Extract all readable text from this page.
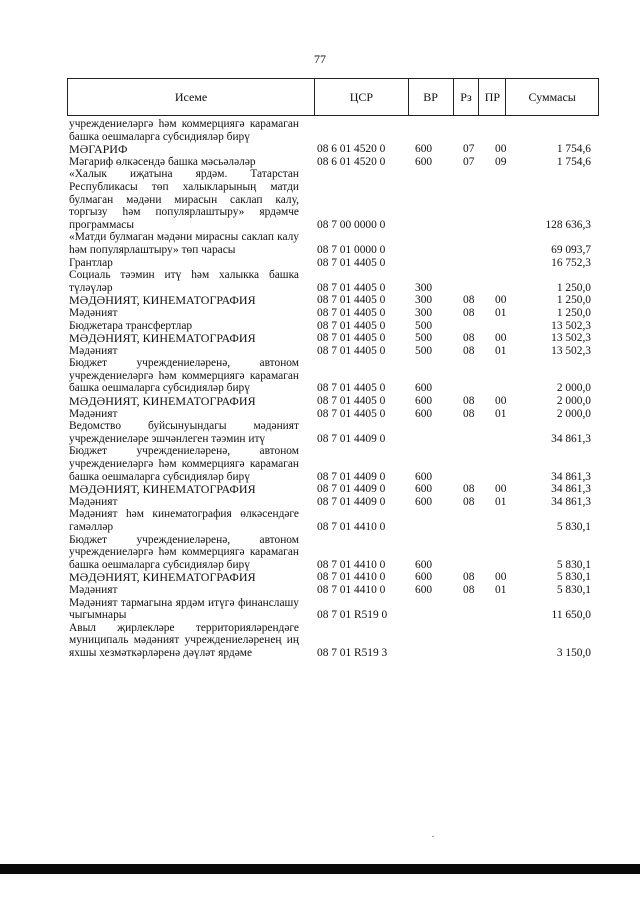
77
Исеме	ЦСР	ВР	Рз	ПР	Суммасы
учреждениеләргә һәм коммерциягә карамаган башка оешмаларга субсидияләр бирү
МӘГАРИФ	08 6 01 4520 0	600	07	00	1 754,6
Мәгариф өлкәсендә башка мәсьәләләр	08 6 01 4520 0	600	07	09	1 754,6
«Халык иҗатына ярдәм. Татарстан Республикасы төп халыкларының матди булмаган мәдәни мирасын саклап калу, торгызу һәм популярлаштыру» ярдәмче программасы	08 7 00 0000 0	128 636,3
«Матди булмаган мәдәни мирасны саклап калу һәм популярлаштыру» төп чарасы	08 7 01 0000 0	69 093,7
Грантлар	08 7 01 4405 0	16 752,3
Социаль тәэмин итү һәм халыкка башка түләүләр	08 7 01 4405 0	300	1 250,0
МӘДӘНИЯТ, КИНЕМАТОГРАФИЯ	08 7 01 4405 0	300	08	00	1 250,0
Мәдәният	08 7 01 4405 0	300	08	01	1 250,0
Бюджетара трансфертлар	08 7 01 4405 0	500	13 502,3
МӘДӘНИЯТ, КИНЕМАТОГРАФИЯ	08 7 01 4405 0	500	08	00	13 502,3
Мәдәният	08 7 01 4405 0	500	08	01	13 502,3
Бюджет учреждениеләренә, автоном учреждениеләргә һәм коммерциягә карамаган башка оешмаларга субсидияләр бирү	08 7 01 4405 0	600	2 000,0
МӘДӘНИЯТ, КИНЕМАТОГРАФИЯ	08 7 01 4405 0	600	08	00	2 000,0
Мәдәният	08 7 01 4405 0	600	08	01	2 000,0
Ведомство буйсынуындагы мәдәният учреждениеләре эшчәнлеген тәэмин итү	08 7 01 4409 0	34 861,3
Бюджет учреждениеләренә, автоном учреждениеләргә һәм коммерциягә карамаган башка оешмаларга субсидияләр бирү	08 7 01 4409 0	600	34 861,3
МӘДӘНИЯТ, КИНЕМАТОГРАФИЯ	08 7 01 4409 0	600	08	00	34 861,3
Мәдәният	08 7 01 4409 0	600	08	01	34 861,3
Мәдәният һәм кинематография өлкәсендәге гамәлләр	08 7 01 4410 0	5 830,1
Бюджет учреждениеләренә, автоном учреждениеләргә һәм коммерциягә карамаган башка оешмаларга субсидияләр бирү	08 7 01 4410 0	600	5 830,1
МӘДӘНИЯТ, КИНЕМАТОГРАФИЯ	08 7 01 4410 0	600	08	00	5 830,1
Мәдәният	08 7 01 4410 0	600	08	01	5 830,1
Мәдәният тармагына ярдәм итүгә финанслашу чыгымнары	08 7 01 R519 0	11 650,0
Авыл җирлекләре территорияләрендәге муниципаль мәдәният учреждениеләренең иң яхшы хезмәткәрләренә дәүләт ярдәме	08 7 01 R519 3	3 150,0
